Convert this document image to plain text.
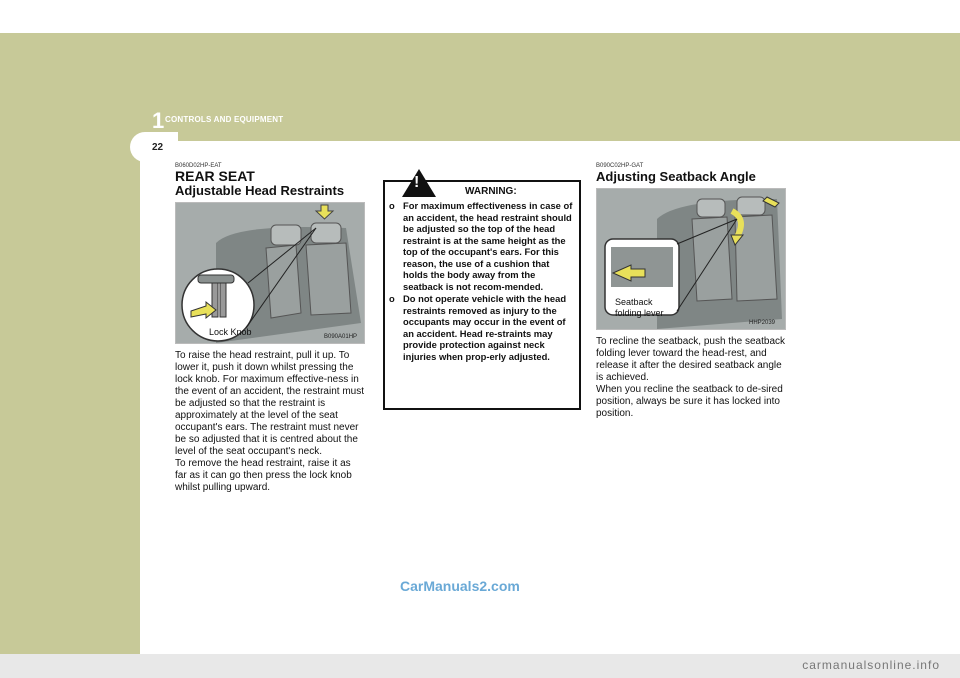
1 CONTROLS AND EQUIPMENT
22
B060D02HP-EAT
REAR SEAT
Adjustable Head Restraints
Lock Knob	B090A01HP

To raise the head restraint, pull it up. To lower it, push it down whilst pressing the lock knob. For maximum effective-ness in the event of an accident, the restraint must be adjusted so that the restraint is approximately at the level of the seat occupant's ears. The restraint must never be so adjusted that it is centred about the level of the seat occupant's neck.

To remove the head restraint, raise it as far as it can go then press the lock knob whilst pulling upward.

!
WARNING:
o For maximum effectiveness in case of an accident, the head restraint should be adjusted so the top of the head restraint is at the same height as the top of the occupant's ears. For this reason, the use of a cushion that holds the body away from the seatback is not recom-mended.
o Do not operate vehicle with the head restraints removed as injury to the occupants may occur in the event of an accident. Head re-straints may provide protection against neck injuries when prop-erly adjusted.
B090C02HP-GAT
Adjusting Seatback Angle
Seatback
folding lever
HHP2039

To recline the seatback, push the seatback folding lever toward the head-rest, and release it after the desired seatback angle is achieved.

When you recline the seatback to de-sired position, always be sure it has locked into position.

CarManuals2.com
carmanualsonline.info
